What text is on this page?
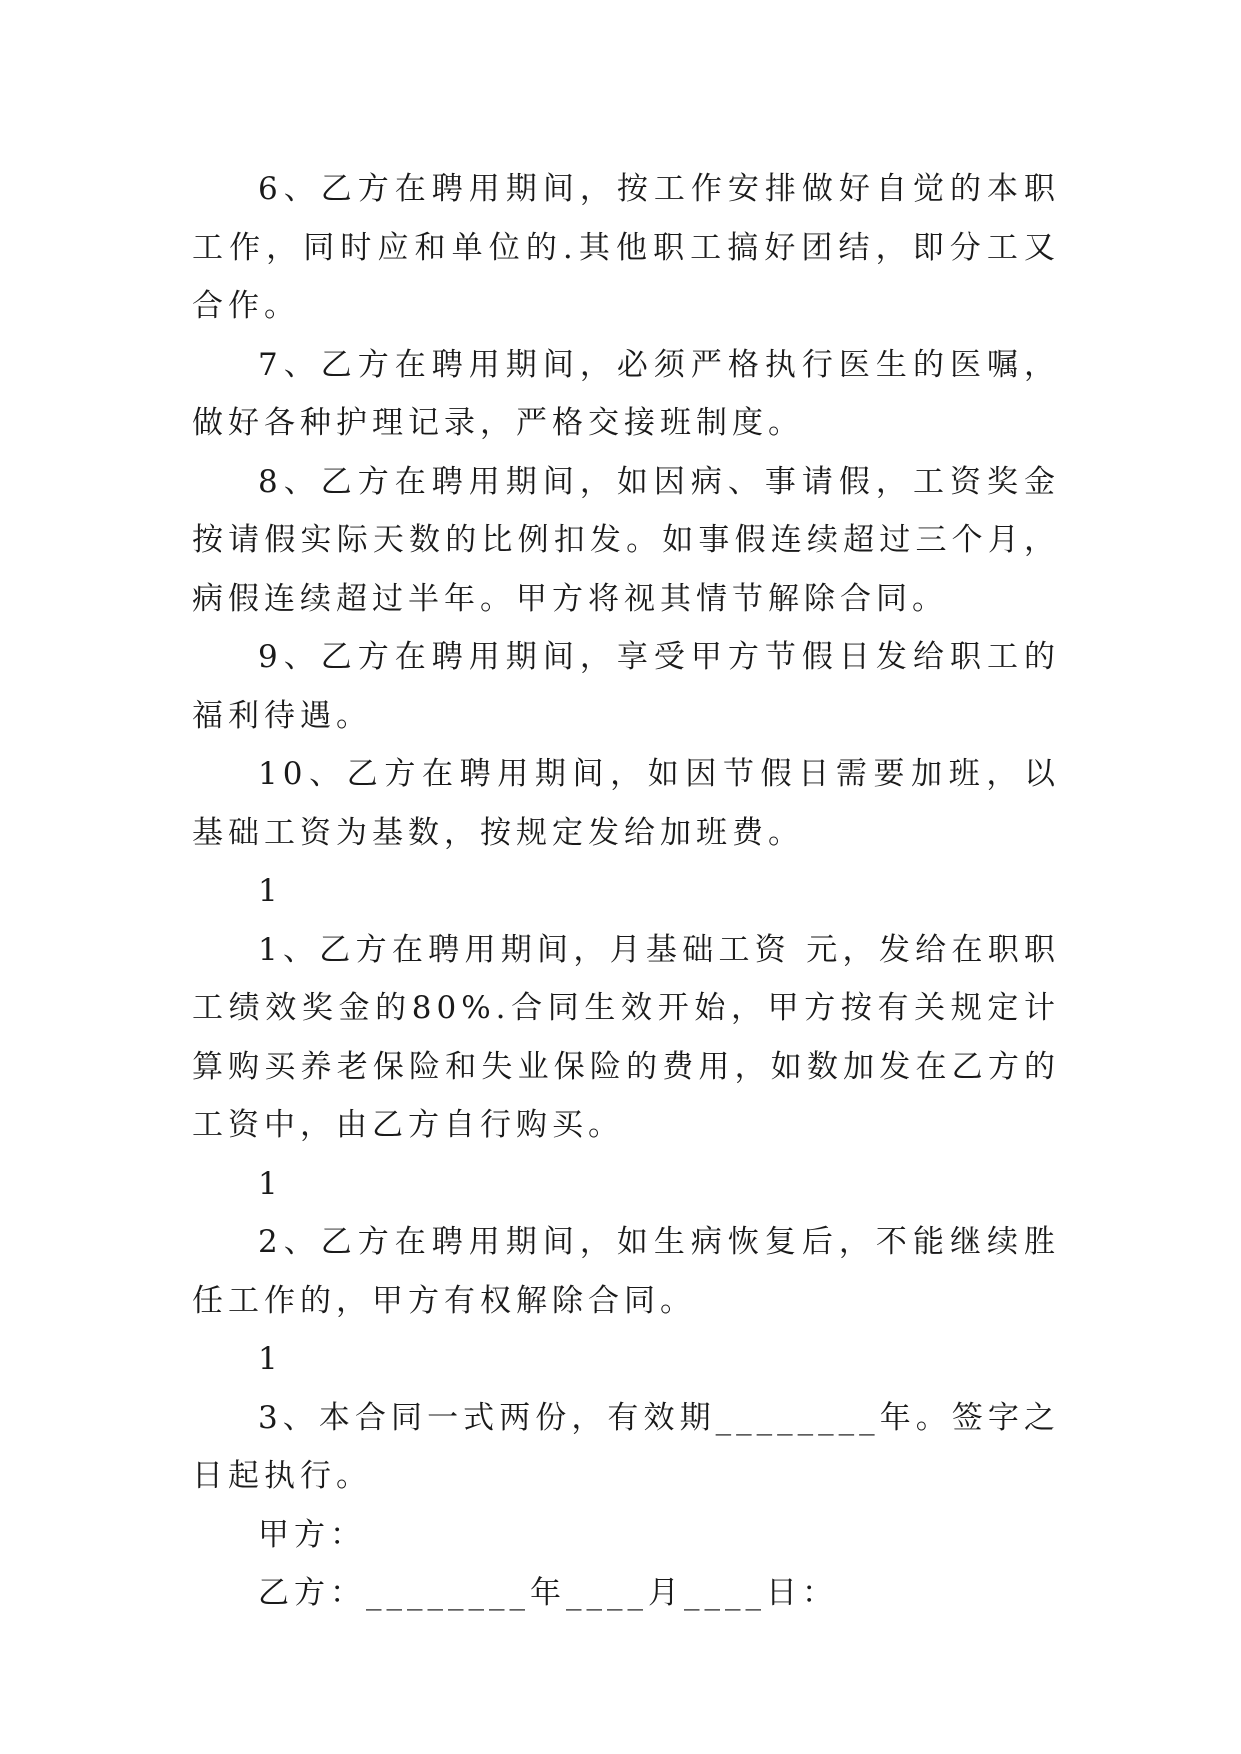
6、乙方在聘用期间，按工作安排做好自觉的本职工作，同时应和单位的.其他职工搞好团结，即分工又合作。

7、乙方在聘用期间，必须严格执行医生的医嘱，做好各种护理记录，严格交接班制度。

8、乙方在聘用期间，如因病、事请假，工资奖金按请假实际天数的比例扣发。如事假连续超过三个月，病假连续超过半年。甲方将视其情节解除合同。

9、乙方在聘用期间，享受甲方节假日发给职工的福利待遇。

10、乙方在聘用期间，如因节假日需要加班，以基础工资为基数，按规定发给加班费。

1

1、乙方在聘用期间，月基础工资 元，发给在职职工绩效奖金的80%.合同生效开始，甲方按有关规定计算购买养老保险和失业保险的费用，如数加发在乙方的工资中，由乙方自行购买。

1

2、乙方在聘用期间，如生病恢复后，不能继续胜任工作的，甲方有权解除合同。

1

3、本合同一式两份，有效期________年。签字之日起执行。

甲方：

乙方：________年____月____日：
